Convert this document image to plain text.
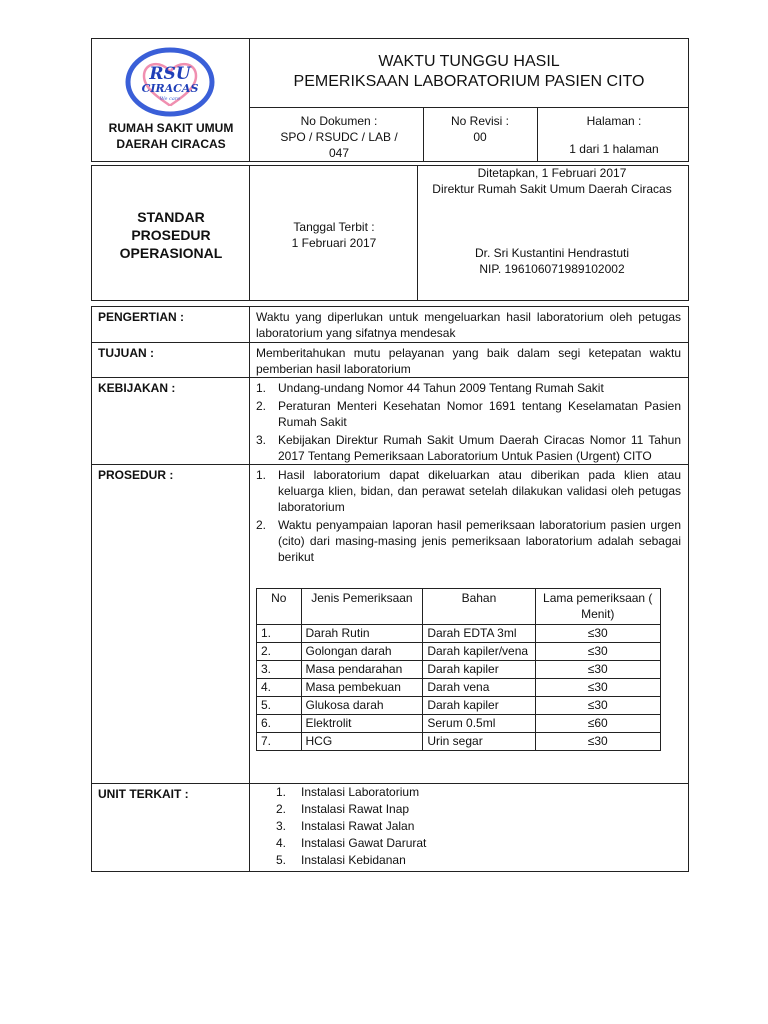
RSU
CIRACAS
We care
RUMAH SAKIT UMUM
DAERAH CIRACAS
WAKTU TUNGGU HASIL
PEMERIKSAAN LABORATORIUM PASIEN CITO
No Dokumen :
SPO / RSUDC / LAB /
047
No Revisi :
00
Halaman :
1 dari 1 halaman
STANDAR
PROSEDUR
OPERASIONAL
Tanggal Terbit :
1 Februari 2017
Ditetapkan, 1 Februari 2017
Direktur Rumah Sakit Umum Daerah Ciracas
Dr. Sri Kustantini Hendrastuti
NIP. 196106071989102002
PENGERTIAN :	Waktu yang diperlukan untuk mengeluarkan hasil laboratorium oleh petugas laboratorium yang sifatnya mendesak
TUJUAN :	Memberitahukan mutu pelayanan yang baik dalam segi ketepatan waktu pemberian hasil laboratorium
KEBIJAKAN :	1. Undang-undang Nomor 44 Tahun 2009 Tentang Rumah Sakit
2. Peraturan Menteri Kesehatan Nomor 1691 tentang Keselamatan Pasien Rumah Sakit
3. Kebijakan Direktur Rumah Sakit Umum Daerah Ciracas Nomor 11 Tahun 2017 Tentang Pemeriksaan Laboratorium Untuk Pasien (Urgent) CITO
PROSEDUR :	1. Hasil laboratorium dapat dikeluarkan atau diberikan pada klien atau keluarga klien, bidan, dan perawat setelah dilakukan validasi oleh petugas laboratorium
2. Waktu penyampaian laporan hasil pemeriksaan laboratorium pasien urgen (cito) dari masing-masing jenis pemeriksaan laboratorium adalah sebagai berikut
No	Jenis Pemeriksaan	Bahan	Lama pemeriksaan ( Menit)
1.	Darah Rutin	Darah EDTA 3ml	≤30
2.	Golongan darah	Darah kapiler/vena	≤30
3.	Masa pendarahan	Darah kapiler	≤30
4.	Masa pembekuan	Darah vena	≤30
5.	Glukosa darah	Darah kapiler	≤30
6.	Elektrolit	Serum 0.5ml	≤60
7.	HCG	Urin segar	≤30
UNIT TERKAIT :	1. Instalasi Laboratorium
2. Instalasi Rawat Inap
3. Instalasi Rawat Jalan
4. Instalasi Gawat Darurat
5. Instalasi Kebidanan
